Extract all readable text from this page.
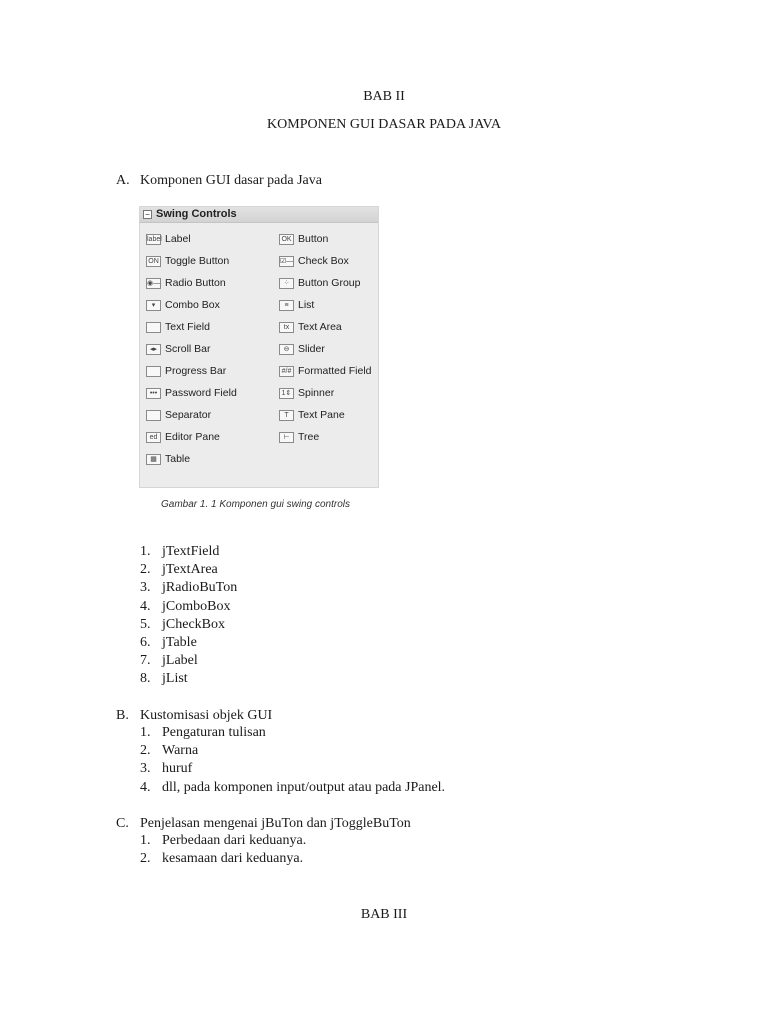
BAB II
KOMPONEN GUI DASAR PADA JAVA
A. Komponen GUI dasar pada Java
− Swing Controls
label Label
ON Toggle Button
◉— Radio Button
▾ Combo Box
Text Field
◂▸ Scroll Bar
Progress Bar
••• Password Field
Separator
ed Editor Pane
▦ Table
OK Button
☑— Check Box
⁘ Button Group
≡ List
tx Text Area
⊖ Slider
#/# Formatted Field
1⇕ Spinner
T Text Pane
⊢ Tree
Gambar 1. 1 Komponen gui swing controls
1. jTextField
2. jTextArea
3. jRadioBuTon
4. jComboBox
5. jCheckBox
6. jTable
7. jLabel
8. jList
B. Kustomisasi objek GUI
1. Pengaturan tulisan
2. Warna
3. huruf
4. dll, pada komponen input/output atau pada JPanel.
C. Penjelasan mengenai jBuTon dan jToggleBuTon
1. Perbedaan dari keduanya.
2. kesamaan dari keduanya.
BAB III
